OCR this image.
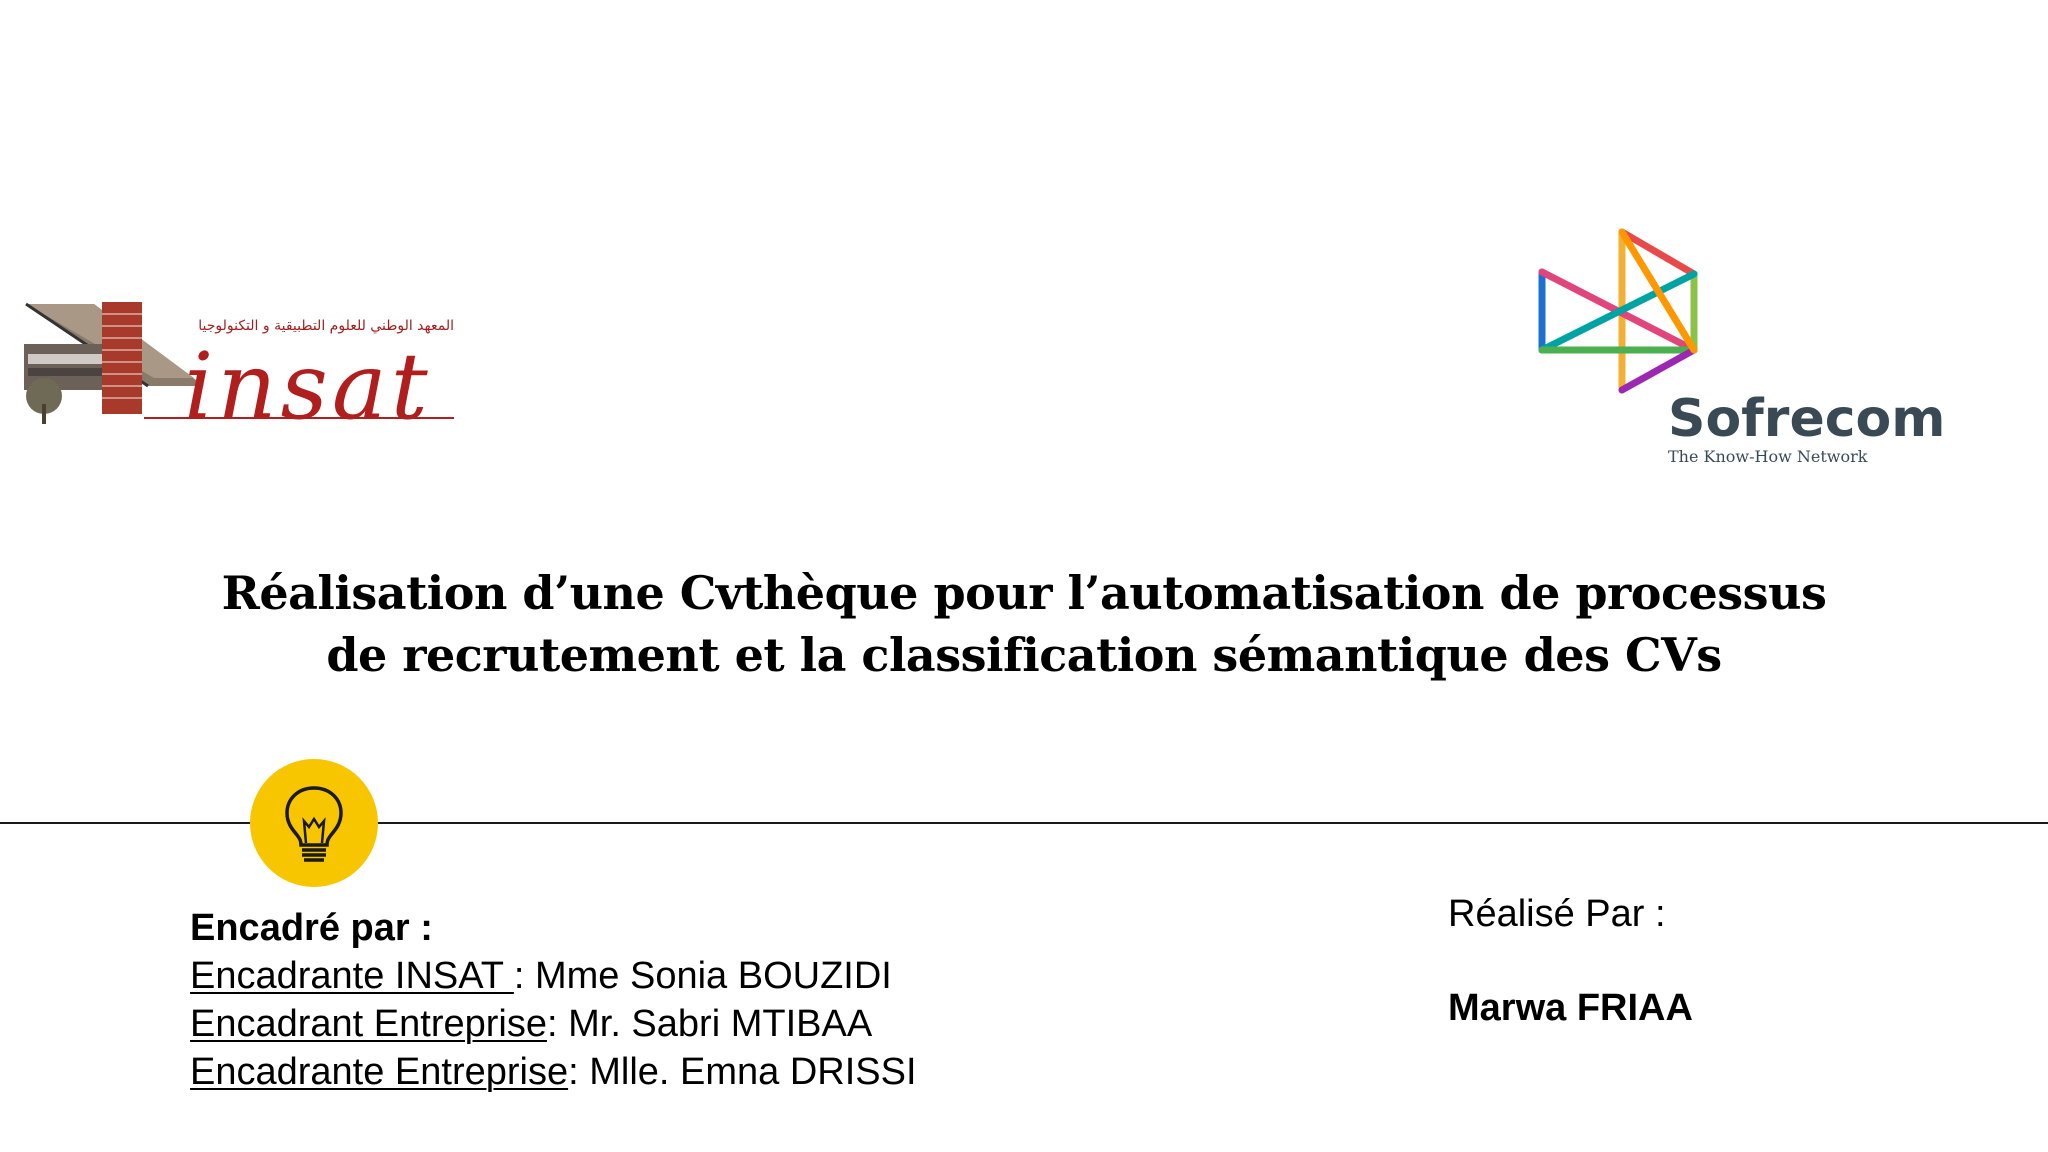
المعهد الوطني للعلوم التطبيقية و التكنولوجيا
insat	Sofrecom
The Know-How Network
Réalisation d’une Cvthèque pour l’automatisation de processus
de recrutement et la classification sémantique des CVs
Encadré par :
Encadrante INSAT : Mme Sonia BOUZIDI
Encadrant Entreprise: Mr. Sabri MTIBAA
Encadrante Entreprise: Mlle. Emna DRISSI
Réalisé Par :
Marwa FRIAA
